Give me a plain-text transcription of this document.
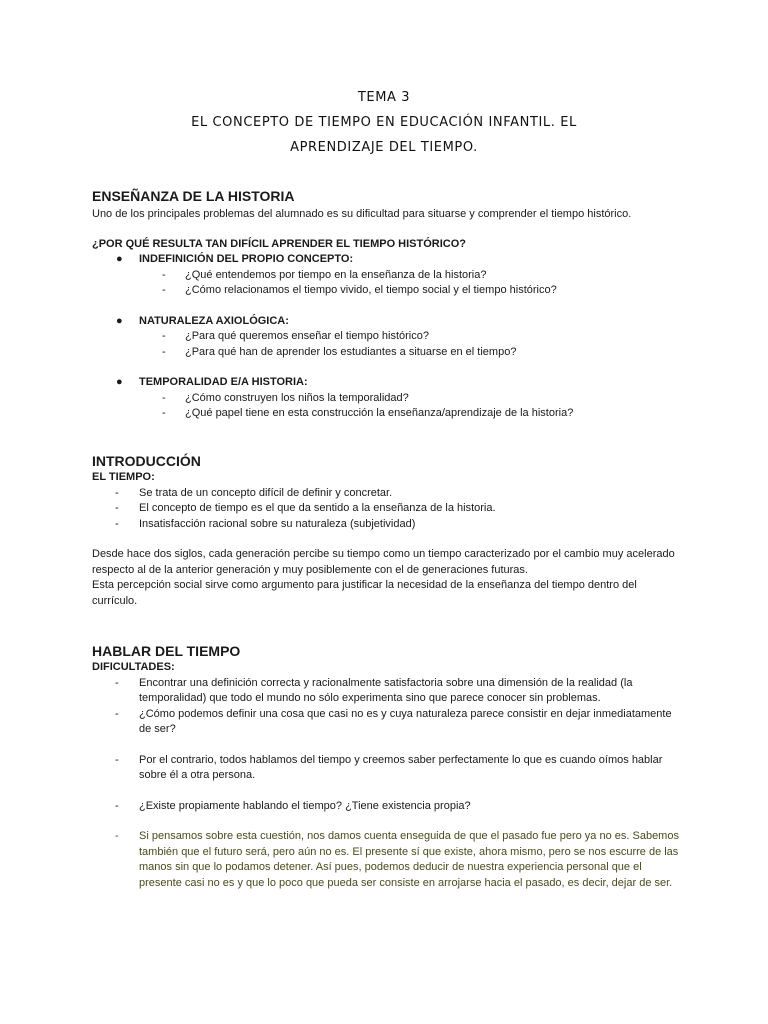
TEMA 3
EL CONCEPTO DE TIEMPO EN EDUCACIÓN INFANTIL. EL
APRENDIZAJE DEL TIEMPO.

ENSEÑANZA DE LA HISTORIA

Uno de los principales problemas del alumnado es su dificultad para situarse y comprender el tiempo histórico.

¿POR QUÉ RESULTA TAN DIFÍCIL APRENDER EL TIEMPO HISTÓRICO?

● INDEFINICIÓN DEL PROPIO CONCEPTO:
- ¿Qué entendemos por tiempo en la enseñanza de la historia?
- ¿Cómo relacionamos el tiempo vivido, el tiempo social y el tiempo histórico?
● NATURALEZA AXIOLÓGICA:
- ¿Para qué queremos enseñar el tiempo histórico?
- ¿Para qué han de aprender los estudiantes a situarse en el tiempo?
● TEMPORALIDAD E/A HISTORIA:
- ¿Cómo construyen los niños la temporalidad?
- ¿Qué papel tiene en esta construcción la enseñanza/aprendizaje de la historia?

INTRODUCCIÓN

EL TIEMPO:

- Se trata de un concepto difícil de definir y concretar.
- El concepto de tiempo es el que da sentido a la enseñanza de la historia.
- Insatisfacción racional sobre su naturaleza (subjetividad)

Desde hace dos siglos, cada generación percibe su tiempo como un tiempo caracterizado por el cambio muy acelerado respecto al de la anterior generación y muy posiblemente con el de generaciones futuras.

Esta percepción social sirve como argumento para justificar la necesidad de la enseñanza del tiempo dentro del currículo.

HABLAR DEL TIEMPO

DIFICULTADES:

- Encontrar una definición correcta y racionalmente satisfactoria sobre una dimensión de la realidad (la temporalidad) que todo el mundo no sólo experimenta sino que parece conocer sin problemas.
- ¿Cómo podemos definir una cosa que casi no es y cuya naturaleza parece consistir en dejar inmediatamente de ser?
- Por el contrario, todos hablamos del tiempo y creemos saber perfectamente lo que es cuando oímos hablar sobre él a otra persona.
- ¿Existe propiamente hablando el tiempo? ¿Tiene existencia propia?
- Si pensamos sobre esta cuestión, nos damos cuenta enseguida de que el pasado fue pero ya no es. Sabemos también que el futuro será, pero aún no es. El presente sí que existe, ahora mismo, pero se nos escurre de las manos sin que lo podamos detener. Así pues, podemos deducir de nuestra experiencia personal que el presente casi no es y que lo poco que pueda ser consiste en arrojarse hacia el pasado, es decir, dejar de ser.
